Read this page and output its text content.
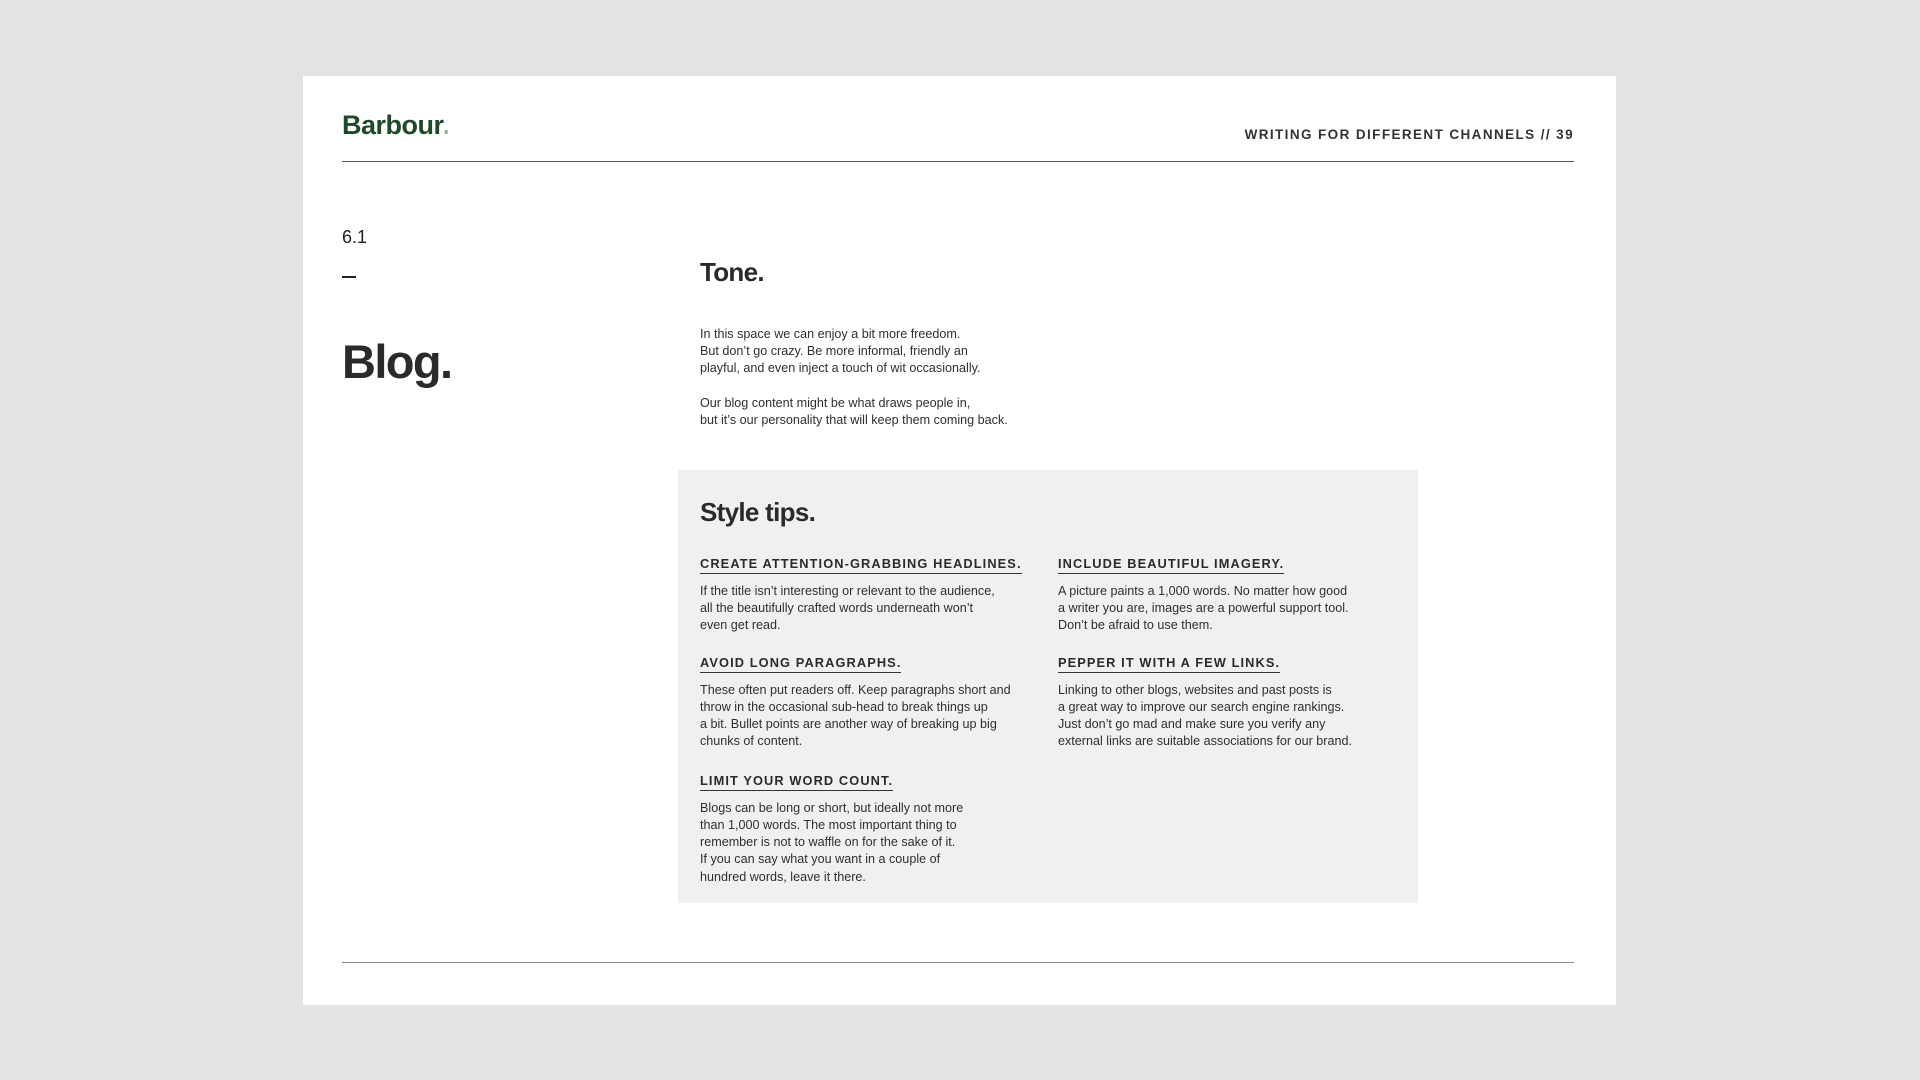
Barbour®	WRITING FOR DIFFERENT CHANNELS // 39
6.1
Blog.
Tone.

In this space we can enjoy a bit more freedom.
But don’t go crazy. Be more informal, friendly an
playful, and even inject a touch of wit occasionally.

Our blog content might be what draws people in,
but it’s our personality that will keep them coming back.

Style tips.
CREATE ATTENTION-GRABBING HEADLINES.

If the title isn’t interesting or relevant to the audience,
all the beautifully crafted words underneath won’t
even get read.

AVOID LONG PARAGRAPHS.

These often put readers off. Keep paragraphs short and
throw in the occasional sub-head to break things up
a bit. Bullet points are another way of breaking up big
chunks of content.

LIMIT YOUR WORD COUNT.

Blogs can be long or short, but ideally not more
than 1,000 words. The most important thing to
remember is not to waffle on for the sake of it.
If you can say what you want in a couple of
hundred words, leave it there.

INCLUDE BEAUTIFUL IMAGERY.

A picture paints a 1,000 words. No matter how good
a writer you are, images are a powerful support tool.
Don’t be afraid to use them.

PEPPER IT WITH A FEW LINKS.

Linking to other blogs, websites and past posts is
a great way to improve our search engine rankings.
Just don’t go mad and make sure you verify any
external links are suitable associations for our brand.
